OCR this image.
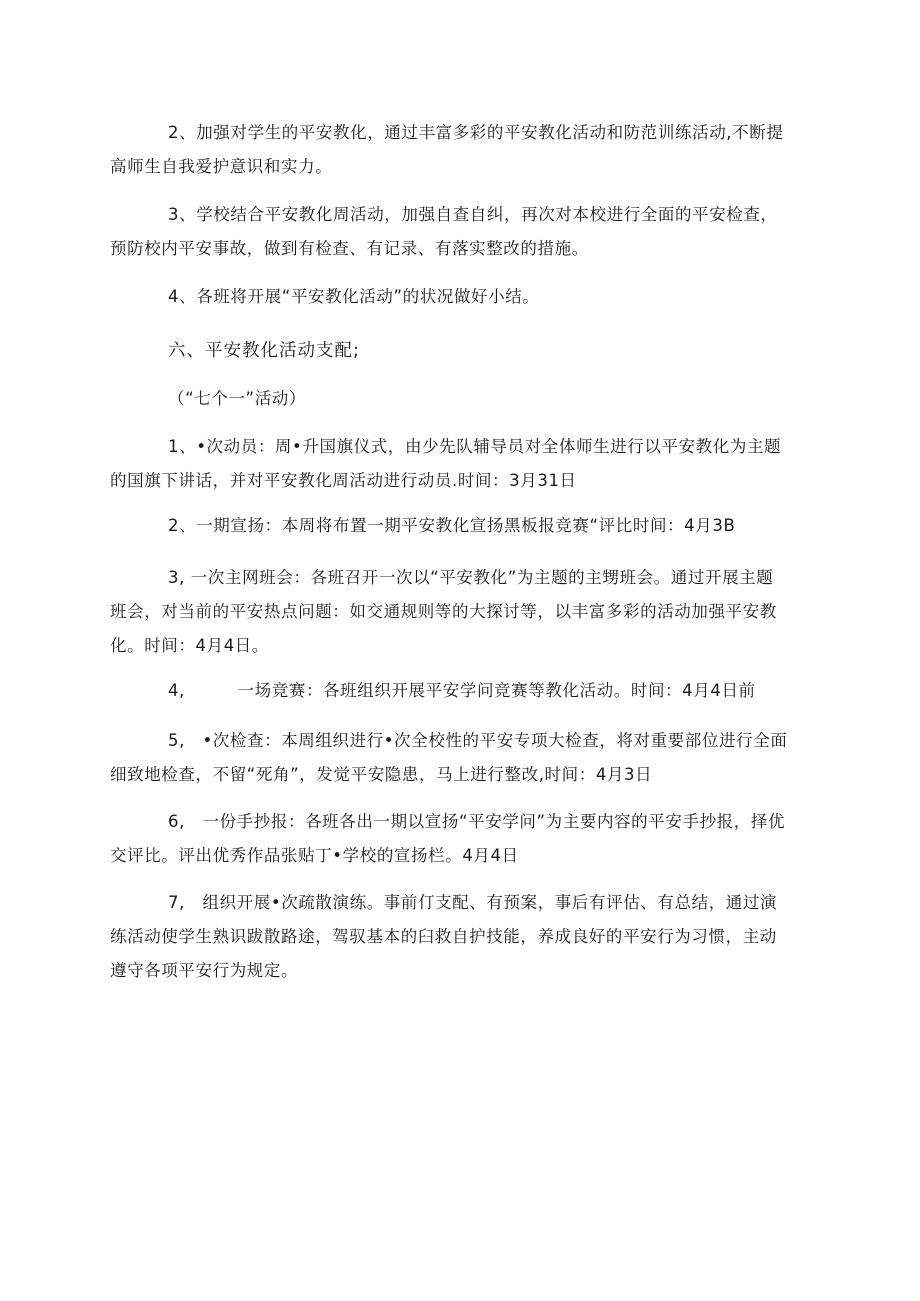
2、加强对学生的平安教化，通过丰富多彩的平安教化活动和防范训练活动,不断提高师生自我爱护意识和实力。

3、学校结合平安教化周活动，加强自查自纠，再次对本校进行全面的平安检查，预防校内平安事故，做到有检查、有记录、有落实整改的措施。

4、各班将开展“平安教化活动”的状况做好小结。

六、平安教化活动支配;

（“七个一”活动）

1、•次动员：周•升国旗仪式，由少先队辅导员对全体师生进行以平安教化为主题的国旗下讲话，并对平安教化周活动进行动员.时间：3月31日

2、一期宣扬：本周将布置一期平安教化宣扬黑板报竞赛“评比时间：4月3B

3, 一次主网班会：各班召开一次以“平安教化”为主题的主甥班会。通过开展主题班会，对当前的平安热点问题：如交通规则等的大探讨等，以丰富多彩的活动加强平安教化。时间：4月4日。

4,         一场竞赛：各班组织开展平安学问竞赛等教化活动。时间：4月4日前

5,   •次检查：本周组织进行•次全校性的平安专项大检查，将对重要部位进行全面细致地检查，不留“死角”，发觉平安隐患，马上进行整改,时间：4月3日

6,   一份手抄报：各班各出一期以宣扬“平安学问”为主要内容的平安手抄报，择优交评比。评出优秀作品张贴丁•学校的宣扬栏。4月4日

7,   组织开展•次疏散演练。事前仃支配、有预案，事后有评估、有总结，通过演练活动使学生熟识跋散路途，驾驭基本的臼救自护技能，养成良好的平安行为习惯，主动遵守各项平安行为规定。
